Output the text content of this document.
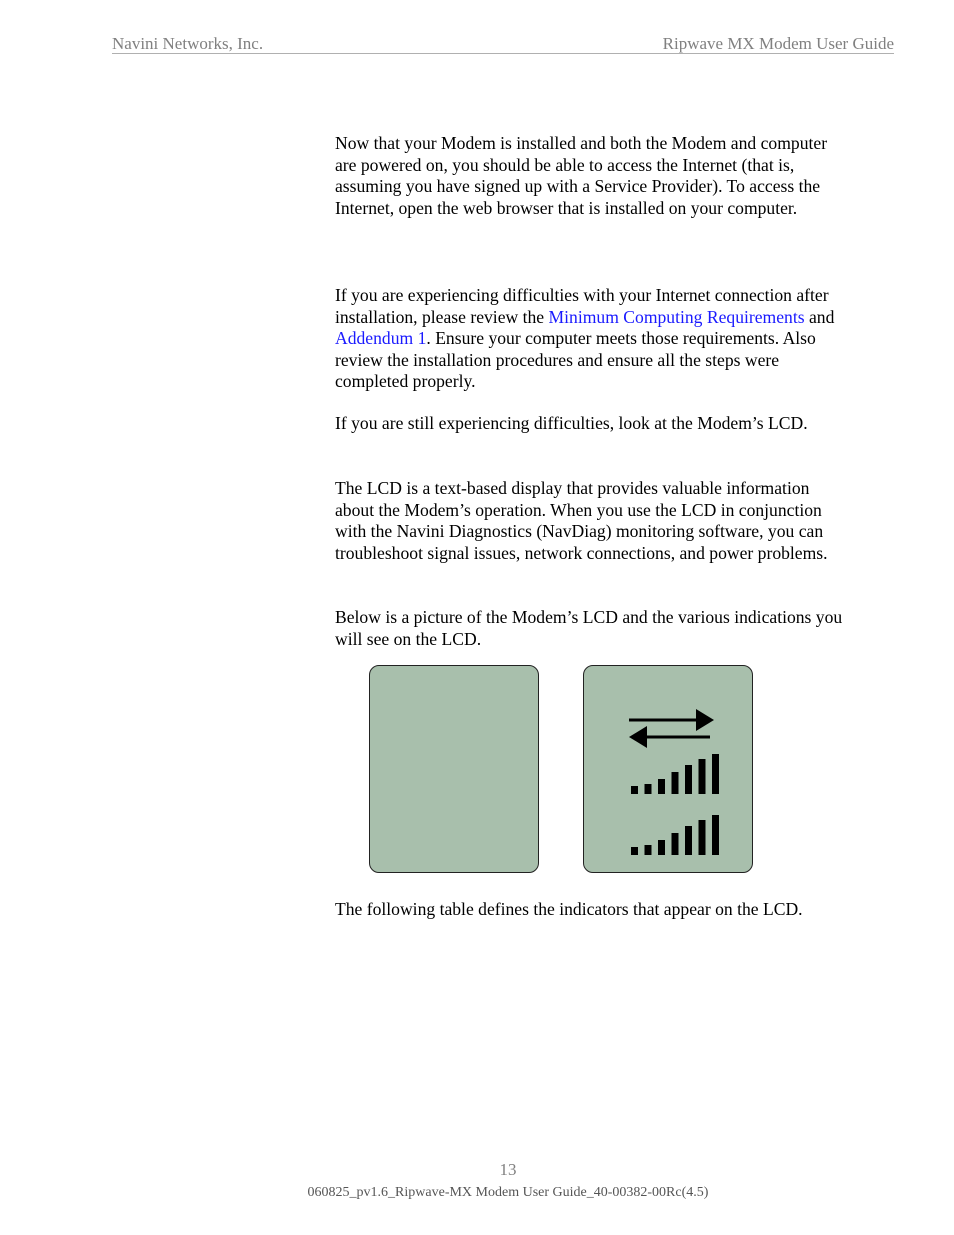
Navini Networks, Inc.	Ripwave MX Modem User Guide

Now that your Modem is installed and both the Modem and computer are powered on, you should be able to access the Internet (that is, assuming you have signed up with a Service Provider). To access the Internet, open the web browser that is installed on your computer.

If you are experiencing difficulties with your Internet connection after installation, please review the Minimum Computing Requirements and Addendum 1. Ensure your computer meets those requirements. Also review the installation procedures and ensure all the steps were completed properly.

If you are still experiencing difficulties, look at the Modem’s LCD.

The LCD is a text-based display that provides valuable information about the Modem’s operation. When you use the LCD in conjunction with the Navini Diagnostics (NavDiag) monitoring software, you can troubleshoot signal issues, network connections, and power problems.

Below is a picture of the Modem’s LCD and the various indications you will see on the LCD.

The following table defines the indicators that appear on the LCD.

13
060825_pv1.6_Ripwave-MX Modem User Guide_40-00382-00Rc(4.5)
